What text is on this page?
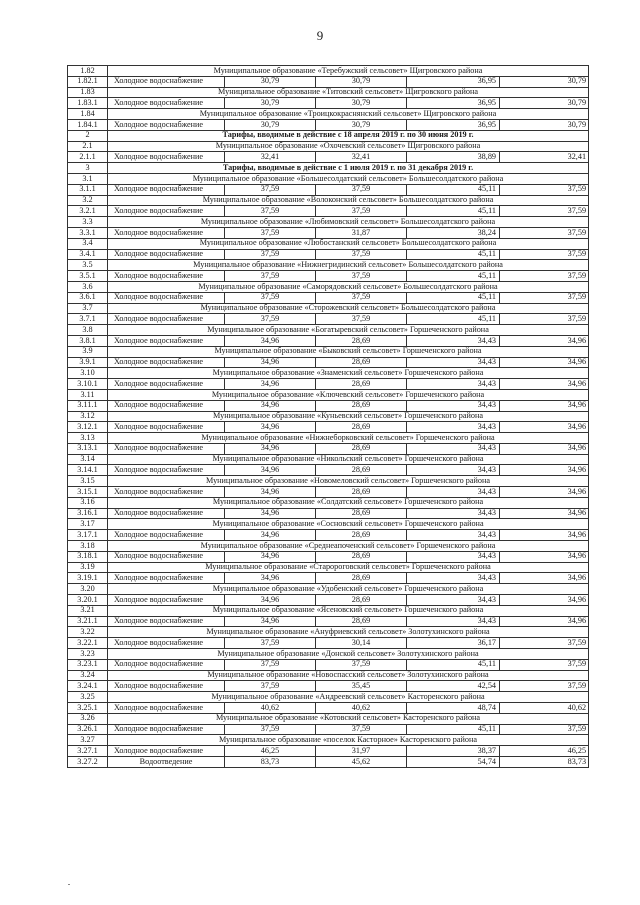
9
1.82	Муниципальное образование «Теребужский сельсовет» Щигровского района				
1.82.1	Холодное водоснабжение	30,79	30,79	36,95	30,79
1.83	Муниципальное образование «Титовский сельсовет» Щигровского района				
1.83.1	Холодное водоснабжение	30,79	30,79	36,95	30,79
1.84	Муниципальное образование «Троицкокраснянский сельсовет» Щигровского района				
1.84.1	Холодное водоснабжение	30,79	30,79	36,95	30,79
2	Тарифы, вводимые в действие с 18 апреля 2019 г. по 30 июня 2019 г.				
2.1	Муниципальное образование «Охочевский сельсовет» Щигровского района				
2.1.1	Холодное водоснабжение	32,41	32,41	38,89	32,41
3	Тарифы, вводимые в действие с 1 июля 2019 г. по 31 декабря 2019 г.				
3.1	Муниципальное образование «Большесолдатский сельсовет» Большесолдатского района				
3.1.1	Холодное водоснабжение	37,59	37,59	45,11	37,59
3.2	Муниципальное образование «Волоконский сельсовет» Большесолдатского района				
3.2.1	Холодное водоснабжение	37,59	37,59	45,11	37,59
3.3	Муниципальное образование «Любимовский сельсовет» Большесолдатского района				
3.3.1	Холодное водоснабжение	37,59	31,87	38,24	37,59
3.4	Муниципальное образование «Любостанский сельсовет» Большесолдатского района				
3.4.1	Холодное водоснабжение	37,59	37,59	45,11	37,59
3.5	Муниципальное образование «Нижнегридинский сельсовет» Большесолдатского района				
3.5.1	Холодное водоснабжение	37,59	37,59	45,11	37,59
3.6	Муниципальное образование «Саморядовский сельсовет» Большесолдатского района				
3.6.1	Холодное водоснабжение	37,59	37,59	45,11	37,59
3.7	Муниципальное образование «Сторожевский сельсовет» Большесолдатского района				
3.7.1	Холодное водоснабжение	37,59	37,59	45,11	37,59
3.8	Муниципальное образование «Богатыревский сельсовет» Горшеченского района				
3.8.1	Холодное водоснабжение	34,96	28,69	34,43	34,96
3.9	Муниципальное образование «Быковский сельсовет» Горшеченского района				
3.9.1	Холодное водоснабжение	34,96	28,69	34,43	34,96
3.10	Муниципальное образование «Знаменский сельсовет» Горшеченского района				
3.10.1	Холодное водоснабжение	34,96	28,69	34,43	34,96
3.11	Муниципальное образование «Ключевский сельсовет» Горшеченского района				
3.11.1	Холодное водоснабжение	34,96	28,69	34,43	34,96
3.12	Муниципальное образование «Куньевский сельсовет» Горшеченского района				
3.12.1	Холодное водоснабжение	34,96	28,69	34,43	34,96
3.13	Муниципальное образование «Нижнеборковский сельсовет» Горшеченского района				
3.13.1	Холодное водоснабжение	34,96	28,69	34,43	34,96
3.14	Муниципальное образование «Никольский сельсовет» Горшеченского района				
3.14.1	Холодное водоснабжение	34,96	28,69	34,43	34,96
3.15	Муниципальное образование «Новомеловский сельсовет» Горшеченского района				
3.15.1	Холодное водоснабжение	34,96	28,69	34,43	34,96
3.16	Муниципальное образование «Солдатский сельсовет» Горшеченского района				
3.16.1	Холодное водоснабжение	34,96	28,69	34,43	34,96
3.17	Муниципальное образование «Сосновский сельсовет» Горшеченского района				
3.17.1	Холодное водоснабжение	34,96	28,69	34,43	34,96
3.18	Муниципальное образование «Среднеапоченский сельсовет» Горшеченского района				
3.18.1	Холодное водоснабжение	34,96	28,69	34,43	34,96
3.19	Муниципальное образование «Старороговский сельсовет» Горшеченского района				
3.19.1	Холодное водоснабжение	34,96	28,69	34,43	34,96
3.20	Муниципальное образование «Удобенский сельсовет» Горшеченского района				
3.20.1	Холодное водоснабжение	34,96	28,69	34,43	34,96
3.21	Муниципальное образование «Ясеновский сельсовет» Горшеченского района				
3.21.1	Холодное водоснабжение	34,96	28,69	34,43	34,96
3.22	Муниципальное образование «Ануфриевский сельсовет» Золотухинского района				
3.22.1	Холодное водоснабжение	37,59	30,14	36,17	37,59
3.23	Муниципальное образование «Донской сельсовет» Золотухинского района				
3.23.1	Холодное водоснабжение	37,59	37,59	45,11	37,59
3.24	Муниципальное образование «Новоспасский сельсовет» Золотухинского района				
3.24.1	Холодное водоснабжение	37,59	35,45	42,54	37,59
3.25	Муниципальное образование «Андреевский сельсовет» Касторенского района				
3.25.1	Холодное водоснабжение	40,62	40,62	48,74	40,62
3.26	Муниципальное образование «Котовский сельсовет» Касторенского района				
3.26.1	Холодное водоснабжение	37,59	37,59	45,11	37,59
3.27	Муниципальное образование «поселок Касторное» Касторенского района				
3.27.1	Холодное водоснабжение	46,25	31,97	38,37	46,25
3.27.2	Водоотведение	83,73	45,62	54,74	83,73
